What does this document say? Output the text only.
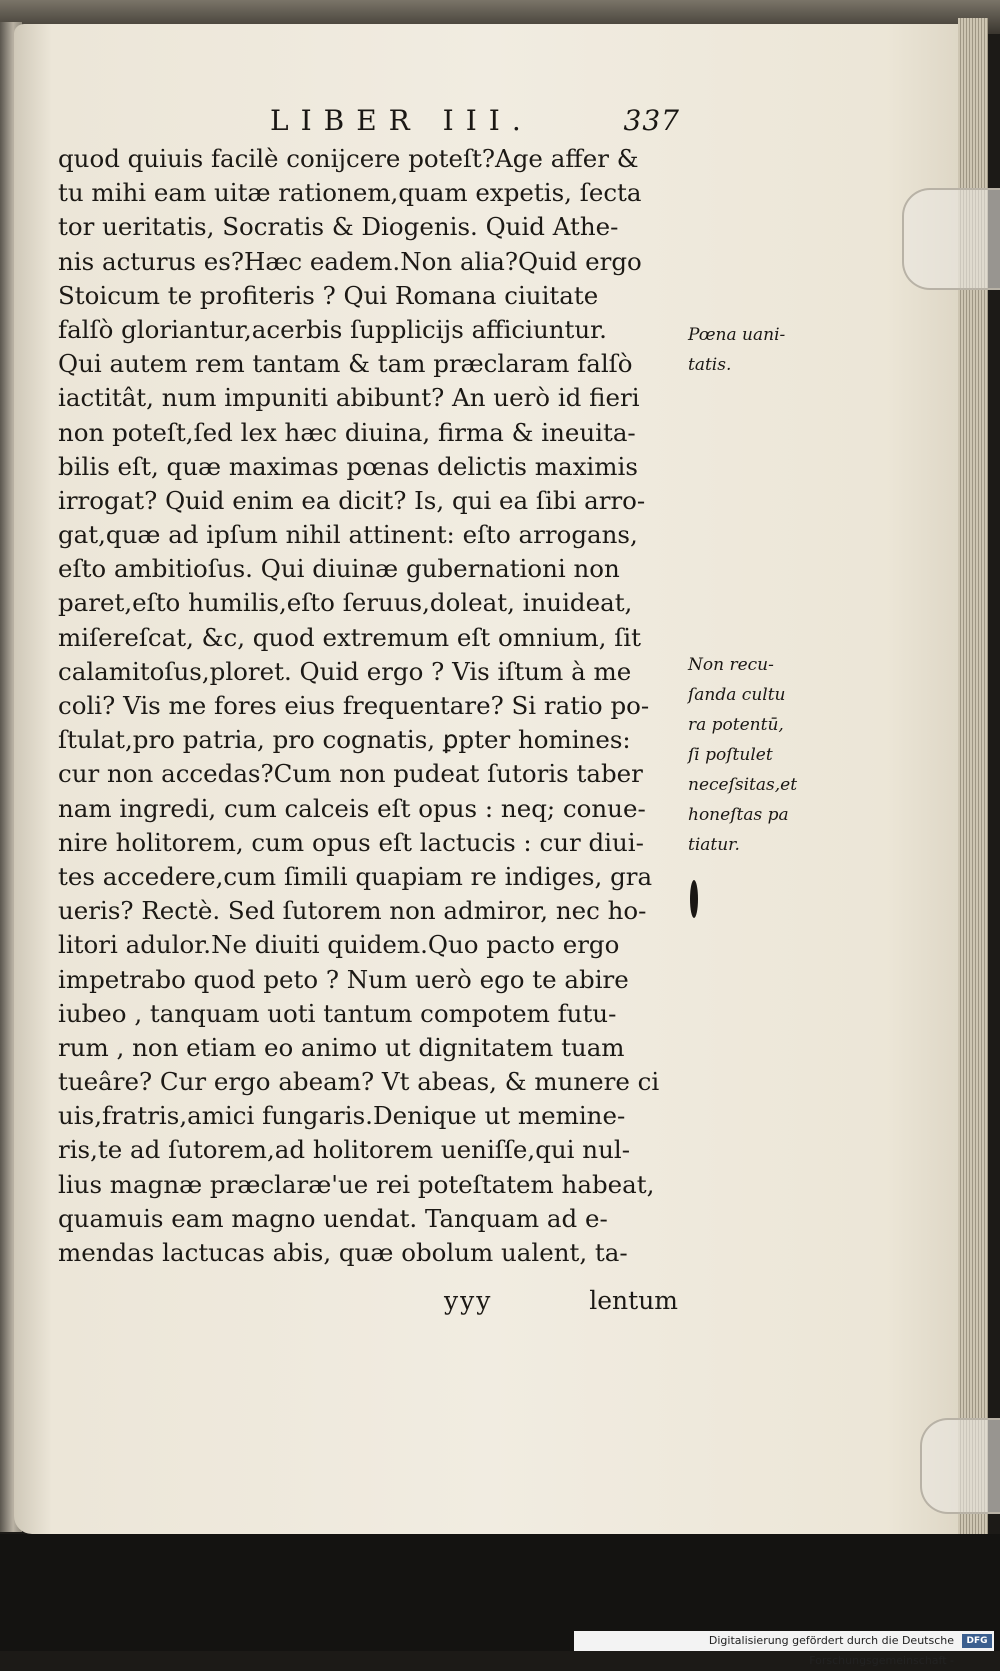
LIBER III.	337
quod quiuis facilè conijcere poteſt?Age affer &
tu mihi eam uitæ rationem,quam expetis, ſecta
tor ueritatis, Socratis & Diogenis. Quid Athe-
nis acturus es?Hæc eadem.Non alia?Quid ergo
Stoicum te profiteris ? Qui Romana ciuitate
falſò gloriantur,acerbis ſupplicijs afficiuntur.
Qui autem rem tantam & tam præclaram falſò
iactitât, num impuniti abibunt? An uerò id fieri
non poteſt,ſed lex hæc diuina, firma & ineuita-
bilis eſt, quæ maximas pœnas delictis maximis
irrogat? Quid enim ea dicit? Is, qui ea ſibi arro-
gat,quæ ad ipſum nihil attinent: eſto arrogans,
eſto ambitioſus. Qui diuinæ gubernationi non
paret,eſto humilis,eſto ſeruus,doleat, inuideat,
miſereſcat, &c, quod extremum eſt omnium, ſit
calamitoſus,ploret. Quid ergo ? Vis iſtum à me
coli? Vis me fores eius frequentare? Si ratio po-
ſtulat,pro patria, pro cognatis, ꝑpter homines:
cur non accedas?Cum non pudeat ſutoris taber
nam ingredi, cum calceis eſt opus : neq; conue-
nire holitorem, cum opus eſt lactucis : cur diui-
tes accedere,cum ſimili quapiam re indiges, gra
ueris? Rectè. Sed ſutorem non admiror, nec ho-
litori adulor.Ne diuiti quidem.Quo pacto ergo
impetrabo quod peto ? Num uerò ego te abire
iubeo , tanquam uoti tantum compotem futu-
rum , non etiam eo animo ut dignitatem tuam
tueâre? Cur ergo abeam? Vt abeas, & munere ci
uis,fratris,amici fungaris.Denique ut memine-
ris,te ad ſutorem,ad holitorem ueniſſe,qui nul-
lius magnæ præclaræ'ue rei poteſtatem habeat,
quamuis eam magno uendat. Tanquam ad e-
mendas lactucas abis, quæ obolum ualent, ta-
Pœna uani-
tatis.
Non recu-
ſanda cultu
ra potentū,
ſi poſtulet
neceſsitas,et
honeſtas pa
tiatur.
yyy	lentum
Digitalisierung gefördert durch die Deutsche Forschungsgemeinschaft -
DFG
